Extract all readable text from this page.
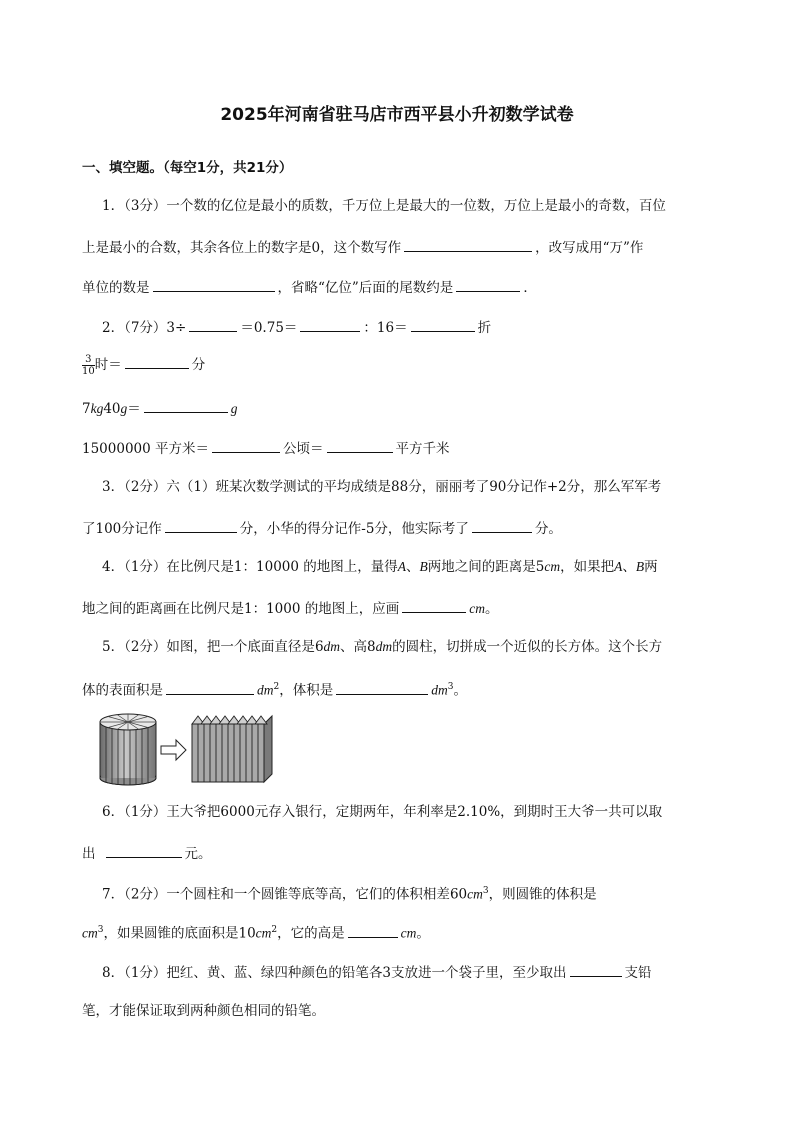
2025年河南省驻马店市西平县小升初数学试卷
一、填空题。（每空1分，共21分）
1．（3分）一个数的亿位是最小的质数，千万位上是最大的一位数，万位上是最小的奇数，百位
上是最小的合数，其余各位上的数字是0，这个数写作	，改写成用“万”作
单位的数是	，省略“亿位”后面的尾数约是	．
2．（7分）3÷	＝0.75＝	：16＝	折
$\frac{3}{10}$ 时＝	分
7kg40g＝	g
15000000 平方米＝	公顷＝	平方千米
3．（2分）六（1）班某次数学测试的平均成绩是88分，丽丽考了90分记作+2分，那么军军考
了100分记作	分，小华的得分记作-5分，他实际考了	分。
4．（1分）在比例尺是1：10000 的地图上，量得A、B两地之间的距离是5cm，如果把A、B两
地之间的距离画在比例尺是1：1000 的地图上，应画	cm。
5．（2分）如图，把一个底面直径是6dm、高8dm的圆柱，切拼成一个近似的长方体。这个长方
体的表面积是	$dm^2$，体积是	$dm^3$。
6．（1分）王大爷把6000元存入银行，定期两年，年利率是2.10%，到期时王大爷一共可以取
出	元。
7．（2分）一个圆柱和一个圆锥等底等高，它们的体积相差$60cm^3$，则圆锥的体积是
$cm^3$，如果圆锥的底面积是$10cm^2$，它的高是	cm。
8．（1分）把红、黄、蓝、绿四种颜色的铅笔各3支放进一个袋子里，至少取出	支铅
笔，才能保证取到两种颜色相同的铅笔。
